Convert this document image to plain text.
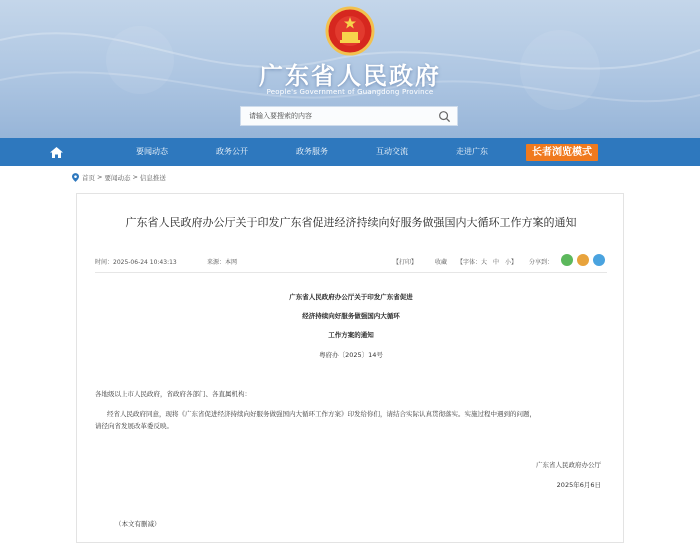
广东省人民政府
People's Government of Guangdong Province
请输入要搜索的内容
要闻动态	政务公开	政务服务	互动交流	走进广东	长者浏览模式
首页 > 要闻动态 > 信息推送
广东省人民政府办公厅关于印发广东省促进经济持续向好服务做强国内大循环工作方案的通知
时间：2025-06-24 10:43:13	来源：本网	【打印】	收藏 【字体：大　中　小】 分享到：
广东省人民政府办公厅关于印发广东省促进
经济持续向好服务做强国内大循环
工作方案的通知
粤府办〔2025〕14号
各地级以上市人民政府，省政府各部门、各直属机构：
经省人民政府同意，现将《广东省促进经济持续向好服务做强国内大循环工作方案》印发给你们，请结合实际认真贯彻落实。实施过程中遇到的问题，
请径向省发展改革委反映。
广东省人民政府办公厅
2025年6月6日
（本文有删减）
